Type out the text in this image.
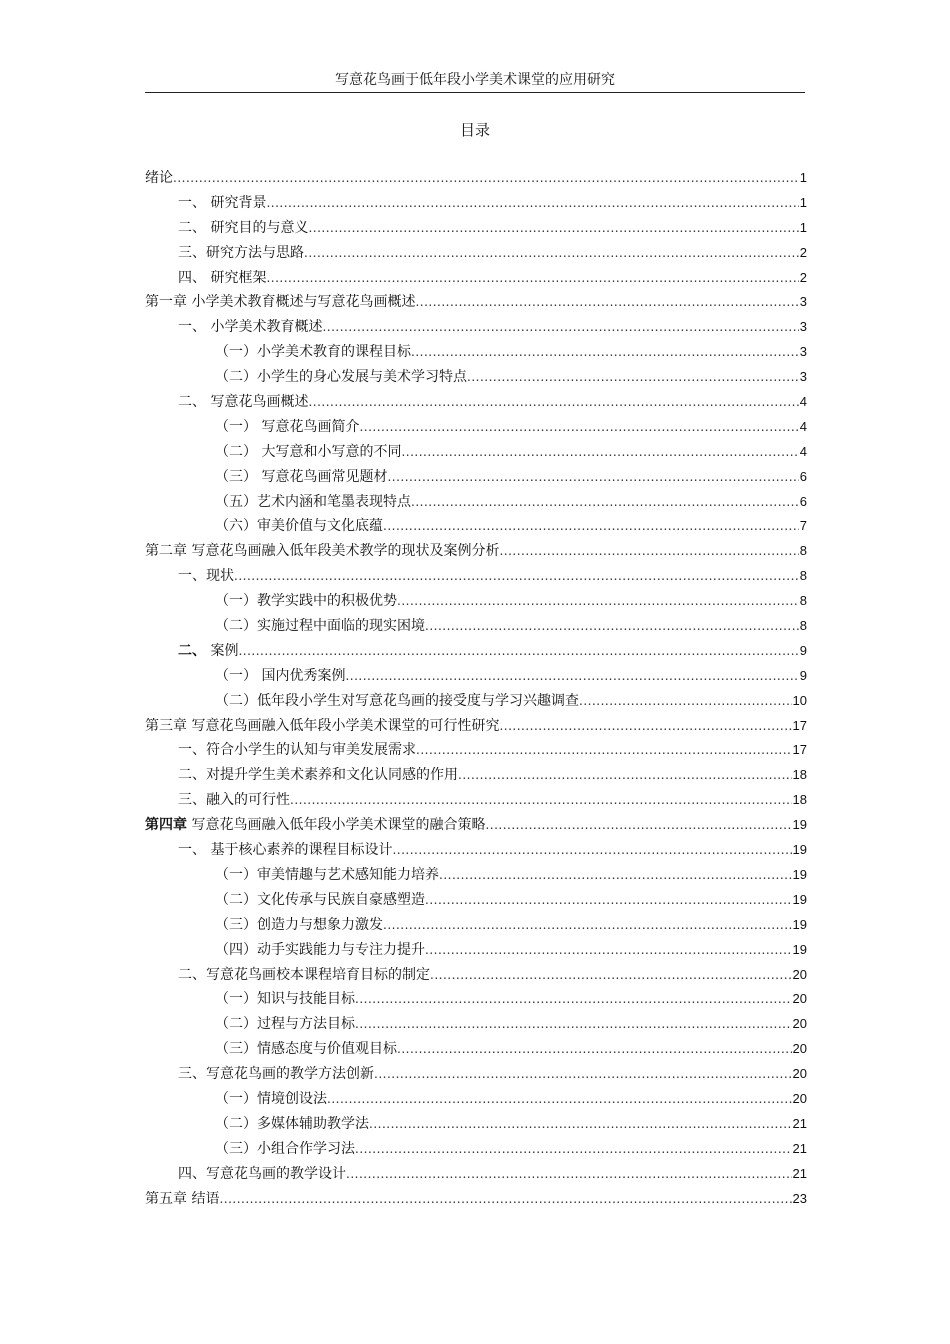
写意花鸟画于低年段小学美术课堂的应用研究
目录
绪论 .....	1
一、 研究背景 .....	1
二、 研究目的与意义 .....	1
三、研究方法与思路 .....	2
四、 研究框架 .....	2
第一章 小学美术教育概述与写意花鸟画概述 .....	3
一、 小学美术教育概述 .....	3
（一）小学美术教育的课程目标 .....	3
（二）小学生的身心发展与美术学习特点 .....	3
二、 写意花鸟画概述 .....	4
（一） 写意花鸟画简介 .....	4
（二） 大写意和小写意的不同 .....	4
（三） 写意花鸟画常见题材 .....	6
（五）艺术内涵和笔墨表现特点 .....	6
（六）审美价值与文化底蕴 .....	7
第二章 写意花鸟画融入低年段美术教学的现状及案例分析 .....	8
一、现状 .....	8
（一）教学实践中的积极优势 .....	8
（二）实施过程中面临的现实困境 .....	8
二、 案例 .....	9
（一） 国内优秀案例 .....	9
（二）低年段小学生对写意花鸟画的接受度与学习兴趣调查 .....	10
第三章 写意花鸟画融入低年段小学美术课堂的可行性研究 .....	17
一、符合小学生的认知与审美发展需求 .....	17
二、对提升学生美术素养和文化认同感的作用 .....	18
三、融入的可行性 .....	18
第四章 写意花鸟画融入低年段小学美术课堂的融合策略 .....	19
一、 基于核心素养的课程目标设计 .....	19
（一）审美情趣与艺术感知能力培养 .....	19
（二）文化传承与民族自豪感塑造 .....	19
（三）创造力与想象力激发 .....	19
（四）动手实践能力与专注力提升 .....	19
二、写意花鸟画校本课程培育目标的制定 .....	20
（一）知识与技能目标 .....	20
（二）过程与方法目标 .....	20
（三）情感态度与价值观目标 .....	20
三、写意花鸟画的教学方法创新 .....	20
（一）情境创设法 .....	20
（二）多媒体辅助教学法 .....	21
（三）小组合作学习法 .....	21
四、写意花鸟画的教学设计 .....	21
第五章 结语 .....	23
